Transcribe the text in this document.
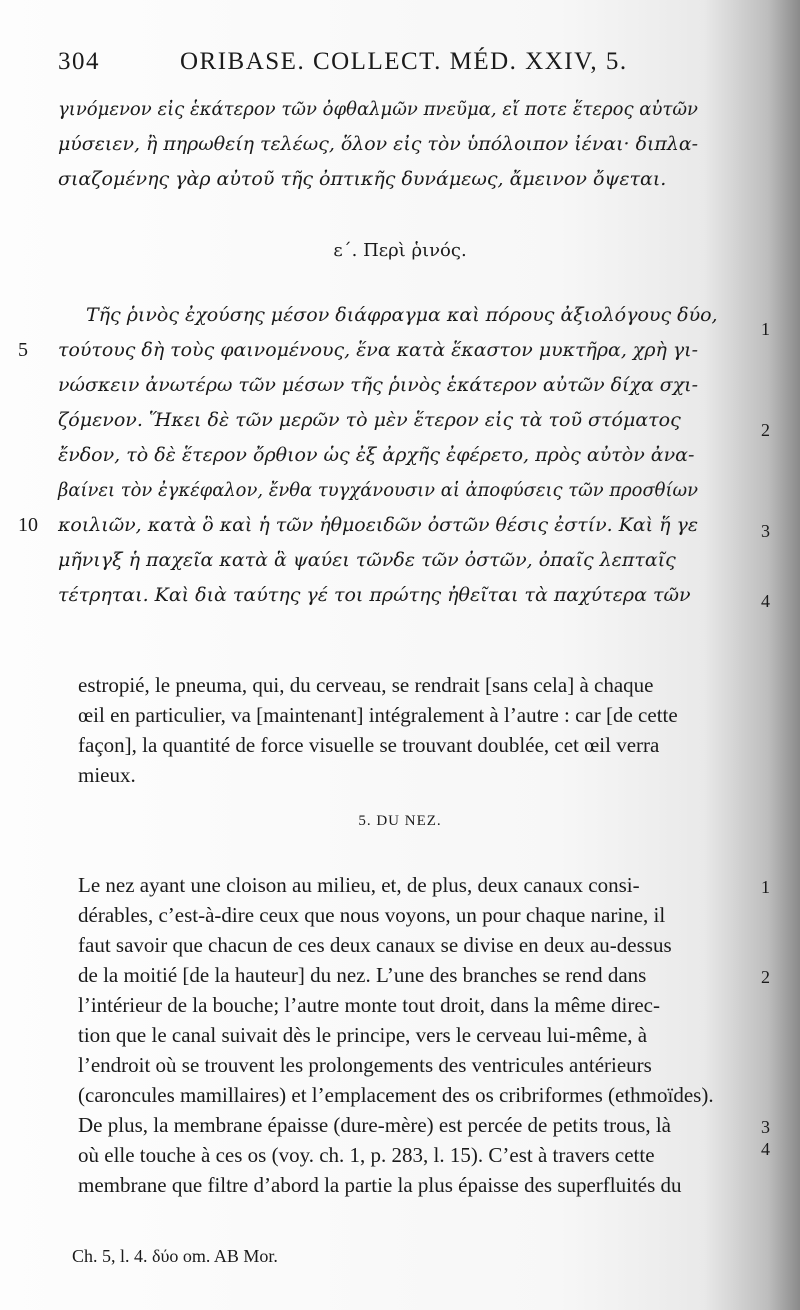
304	ORIBASE. COLLECT. MÉD. XXIV, 5.
γινόμενον εἰς ἑκάτερον τῶν ὀφθαλμῶν πνεῦμα, εἴ ποτε ἕτερος αὐτῶν
μύσειεν, ἢ πηρωθείη τελέως, ὅλον εἰς τὸν ὑπόλοιπον ἰέναι· διπλα-
σιαζομένης γὰρ αὐτοῦ τῆς ὀπτικῆς δυνάμεως, ἄμεινον ὄψεται.
ε΄. Περὶ ῥινός.
Τῆς ῥινὸς ἐχούσης μέσον διάφραγμα καὶ πόρους ἀξιολόγους δύο,
1
5 τούτους δὴ τοὺς φαινομένους, ἕνα κατὰ ἕκαστον μυκτῆρα, χρὴ γι-
νώσκειν ἀνωτέρω τῶν μέσων τῆς ῥινὸς ἑκάτερον αὐτῶν δίχα σχι-
ζόμενον. Ἥκει δὲ τῶν μερῶν τὸ μὲν ἕτερον εἰς τὰ τοῦ στόματος	2
ἔνδον, τὸ δὲ ἕτερον ὄρθιον ὡς ἐξ ἀρχῆς ἐφέρετο, πρὸς αὐτὸν ἀνα-
βαίνει τὸν ἐγκέφαλον, ἔνθα τυγχάνουσιν αἱ ἀποφύσεις τῶν προσθίων
10 κοιλιῶν, κατὰ ὃ καὶ ἡ τῶν ἠθμοειδῶν ὀστῶν θέσις ἐστίν. Καὶ ἥ γε	3
μῆνιγξ ἡ παχεῖα κατὰ ἃ ψαύει τῶνδε τῶν ὀστῶν, ὀπαῖς λεπταῖς
τέτρηται. Καὶ διὰ ταύτης γέ τοι πρώτης ἠθεῖται τὰ παχύτερα τῶν	4
estropié, le pneuma, qui, du cerveau, se rendrait [sans cela] à chaque
œil en particulier, va [maintenant] intégralement à l’autre : car [de cette
façon], la quantité de force visuelle se trouvant doublée, cet œil verra
mieux.
5. DU NEZ.
Le nez ayant une cloison au milieu, et, de plus, deux canaux consi-	1
dérables, c’est-à-dire ceux que nous voyons, un pour chaque narine, il
faut savoir que chacun de ces deux canaux se divise en deux au-dessus
de la moitié [de la hauteur] du nez. L’une des branches se rend dans	2
l’intérieur de la bouche; l’autre monte tout droit, dans la même direc-
tion que le canal suivait dès le principe, vers le cerveau lui-même, à
l’endroit où se trouvent les prolongements des ventricules antérieurs
(caroncules mamillaires) et l’emplacement des os cribriformes (ethmoïdes).
De plus, la membrane épaisse (dure-mère) est percée de petits trous, là	3
où elle touche à ces os (voy. ch. 1, p. 283, l. 15). C’est à travers cette	4
membrane que filtre d’abord la partie la plus épaisse des superfluités du
Ch. 5, l. 4. δύο om. AB Mor.
